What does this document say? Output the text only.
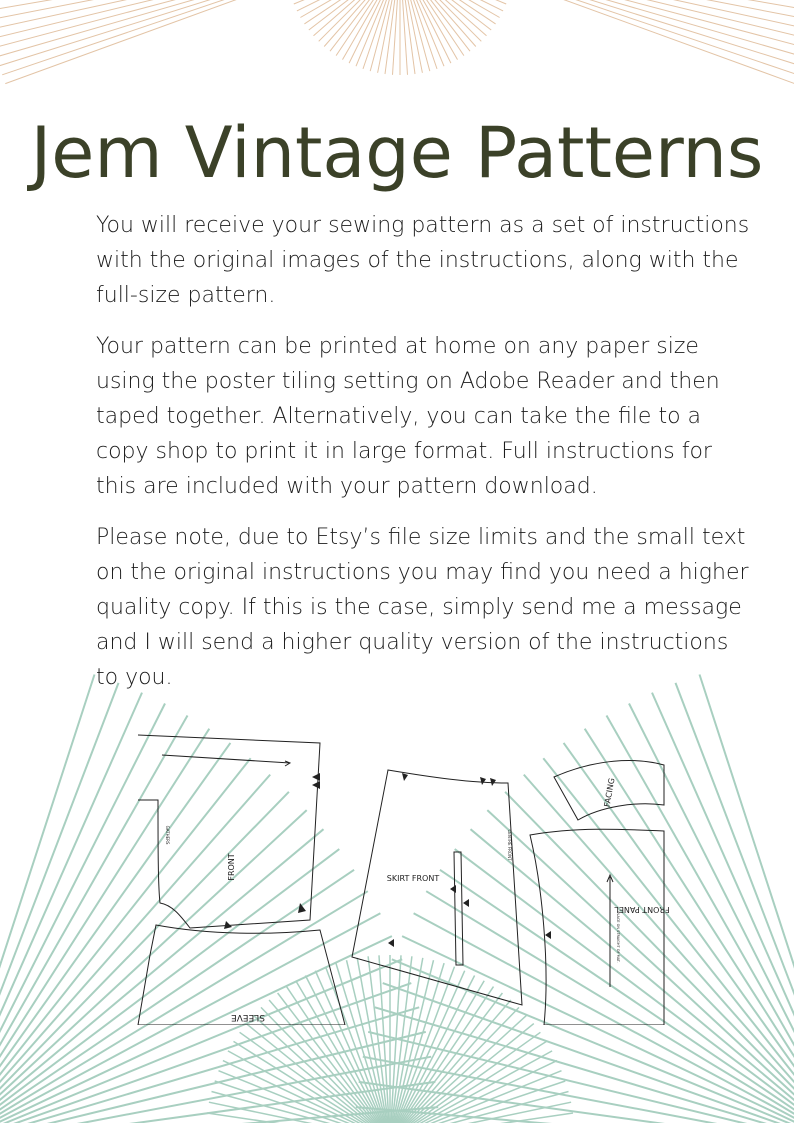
Jem Vintage Patterns

You will receive your sewing pattern as a set of instructions with the original images of the instructions, along with the full-size pattern.

Your pattern can be printed at home on any paper size using the poster tiling setting on Adobe Reader and then taped together. Alternatively, you can take the file to a copy shop to print it in large format. Full instructions for this are included with your pattern download.

Please note, due to Etsy’s file size limits and the small text on the original instructions you may find you need a higher quality copy. If this is the case, simply send me a message and I will send a higher quality version of the instructions to you.

FRONT
GATHERS
SKIRT FRONT
CENTRE FRONT
FACING
FRONT PANEL
PLACE ON STRAIGHT OF MAT.
SLEEVE
